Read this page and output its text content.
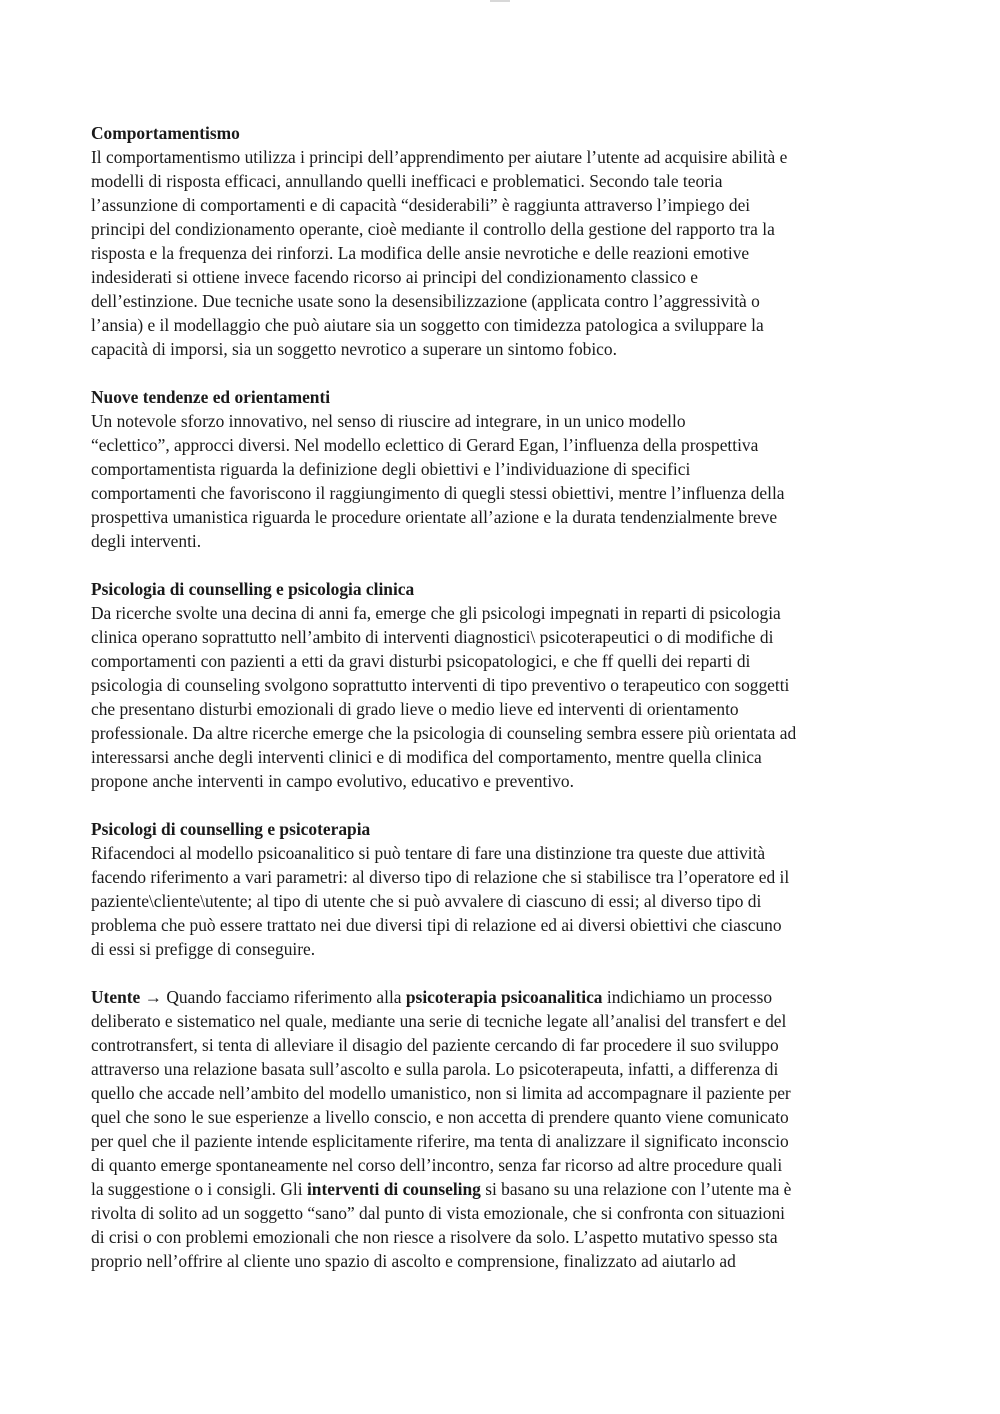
Comportamentismo

Il comportamentismo utilizza i principi dell’apprendimento per aiutare l’utente ad acquisire abilità e
modelli di risposta efficaci, annullando quelli inefficaci e problematici. Secondo tale teoria
l’assunzione di comportamenti e di capacità “desiderabili” è raggiunta attraverso l’impiego dei
principi del condizionamento operante, cioè mediante il controllo della gestione del rapporto tra la
risposta e la frequenza dei rinforzi. La modifica delle ansie nevrotiche e delle reazioni emotive
indesiderati si ottiene invece facendo ricorso ai principi del condizionamento classico e
dell’estinzione. Due tecniche usate sono la desensibilizzazione (applicata contro l’aggressività o
l’ansia) e il modellaggio che può aiutare sia un soggetto con timidezza patologica a sviluppare la
capacità di imporsi, sia un soggetto nevrotico a superare un sintomo fobico.

Nuove tendenze ed orientamenti

Un notevole sforzo innovativo, nel senso di riuscire ad integrare, in un unico modello
“eclettico”, approcci diversi. Nel modello eclettico di Gerard Egan, l’influenza della prospettiva
comportamentista riguarda la definizione degli obiettivi e l’individuazione di specifici
comportamenti che favoriscono il raggiungimento di quegli stessi obiettivi, mentre l’influenza della
prospettiva umanistica riguarda le procedure orientate all’azione e la durata tendenzialmente breve
degli interventi.

Psicologia di counselling e psicologia clinica

Da ricerche svolte una decina di anni fa, emerge che gli psicologi impegnati in reparti di psicologia
clinica operano soprattutto nell’ambito di interventi diagnostici\ psicoterapeutici o di modifiche di
comportamenti con pazienti a etti da gravi disturbi psicopatologici, e che ff quelli dei reparti di
psicologia di counseling svolgono soprattutto interventi di tipo preventivo o terapeutico con soggetti
che presentano disturbi emozionali di grado lieve o medio lieve ed interventi di orientamento
professionale. Da altre ricerche emerge che la psicologia di counseling sembra essere più orientata ad
interessarsi anche degli interventi clinici e di modifica del comportamento, mentre quella clinica
propone anche interventi in campo evolutivo, educativo e preventivo.

Psicologi di counselling e psicoterapia

Rifacendoci al modello psicoanalitico si può tentare di fare una distinzione tra queste due attività
facendo riferimento a vari parametri: al diverso tipo di relazione che si stabilisce tra l’operatore ed il
paziente\cliente\utente; al tipo di utente che si può avvalere di ciascuno di essi; al diverso tipo di
problema che può essere trattato nei due diversi tipi di relazione ed ai diversi obiettivi che ciascuno
di essi si prefigge di conseguire.

Utente → Quando facciamo riferimento alla psicoterapia psicoanalitica indichiamo un processo
deliberato e sistematico nel quale, mediante una serie di tecniche legate all’analisi del transfert e del
controtransfert, si tenta di alleviare il disagio del paziente cercando di far procedere il suo sviluppo
attraverso una relazione basata sull’ascolto e sulla parola. Lo psicoterapeuta, infatti, a differenza di
quello che accade nell’ambito del modello umanistico, non si limita ad accompagnare il paziente per
quel che sono le sue esperienze a livello conscio, e non accetta di prendere quanto viene comunicato
per quel che il paziente intende esplicitamente riferire, ma tenta di analizzare il significato inconscio
di quanto emerge spontaneamente nel corso dell’incontro, senza far ricorso ad altre procedure quali
la suggestione o i consigli. Gli interventi di counseling si basano su una relazione con l’utente ma è
rivolta di solito ad un soggetto “sano” dal punto di vista emozionale, che si confronta con situazioni
di crisi o con problemi emozionali che non riesce a risolvere da solo. L’aspetto mutativo spesso sta
proprio nell’offrire al cliente uno spazio di ascolto e comprensione, finalizzato ad aiutarlo ad
